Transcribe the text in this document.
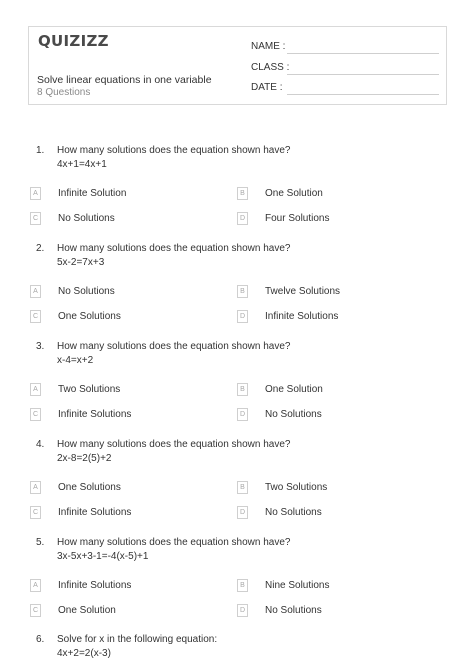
QUIZIZZ
Solve linear equations in one variable
8 Questions
NAME :
CLASS :
DATE :
1. How many solutions does the equation shown have?
4x+1=4x+1
A	Infinite Solution	B	One Solution
C No Solutions	D Four Solutions
2. How many solutions does the equation shown have?
5x-2=7x+3
A	No Solutions	B	Twelve Solutions
C One Solutions	D Infinite Solutions
3. How many solutions does the equation shown have?
x-4=x+2
A	Two Solutions	B	One Solution
C Infinite Solutions	D No Solutions
4. How many solutions does the equation shown have?
2x-8=2(5)+2
A	One Solutions	B	Two Solutions
C Infinite Solutions	D No Solutions
5. How many solutions does the equation shown have?
3x-5x+3-1=-4(x-5)+1
A	Infinite Solutions	B	Nine Solutions
C One Solution	D No Solutions
6. Solve for x in the following equation:
4x+2=2(x-3)
